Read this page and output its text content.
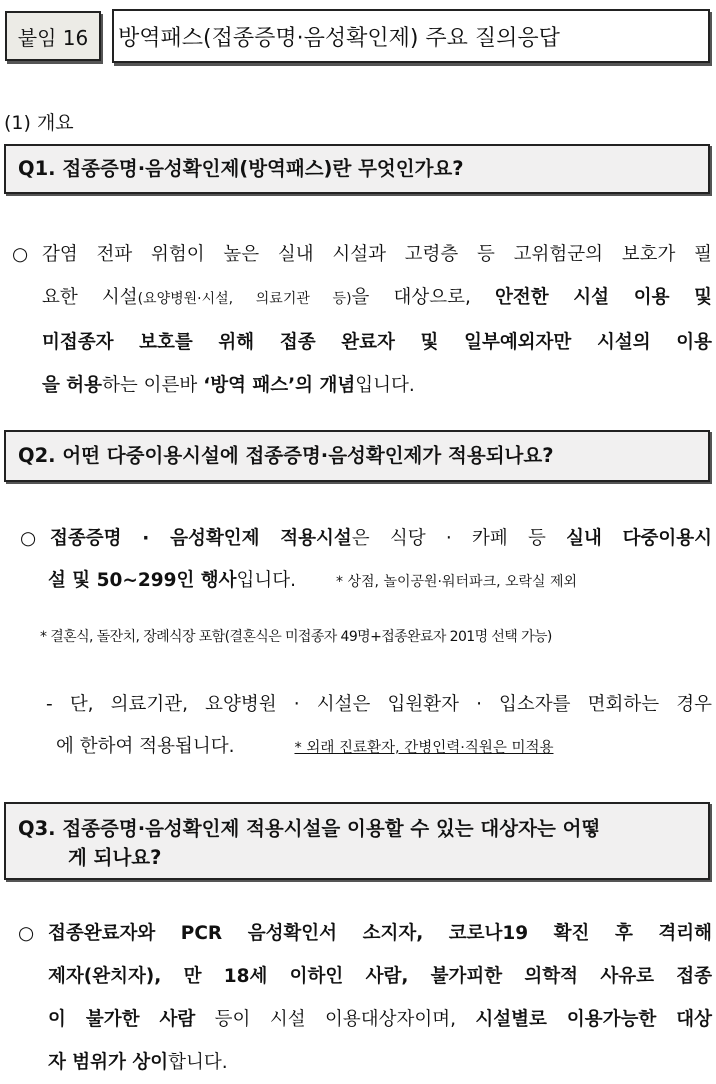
붙임 16 방역패스(접종증명·음성확인제) 주요 질의응답
(1) 개요
Q1. 접종증명·음성확인제(방역패스)란 무엇인가요?
○ 감염 전파 위험이 높은 실내 시설과 고령층 등 고위험군의 보호가 필
요한 시설(요양병원·시설, 의료기관 등)을 대상으로, 안전한 시설 이용 및
미접종자 보호를 위해 접종 완료자 및 일부예외자만 시설의 이용
을 허용하는 이른바 ‘방역 패스’의 개념입니다.
Q2. 어떤 다중이용시설에 접종증명·음성확인제가 적용되나요?
○ 접종증명 · 음성확인제 적용시설은 식당 · 카페 등 실내 다중이용시
설 및 50~299인 행사입니다.	* 상점, 놀이공원·워터파크, 오락실 제외
* 결혼식, 돌잔치, 장례식장 포함(결혼식은 미접종자 49명+접종완료자 201명 선택 가능)
- 단, 의료기관, 요양병원 · 시설은 입원환자 · 입소자를 면회하는 경우
에 한하여 적용됩니다.	* 외래 진료환자, 간병인력·직원은 미적용
Q3. 접종증명·음성확인제 적용시설을 이용할 수 있는 대상자는 어떻
게 되나요?
○ 접종완료자와 PCR 음성확인서 소지자, 코로나19 확진 후 격리해
제자(완치자), 만 18세 이하인 사람, 불가피한 의학적 사유로 접종
이 불가한 사람 등이 시설 이용대상자이며, 시설별로 이용가능한 대상
자 범위가 상이합니다.
